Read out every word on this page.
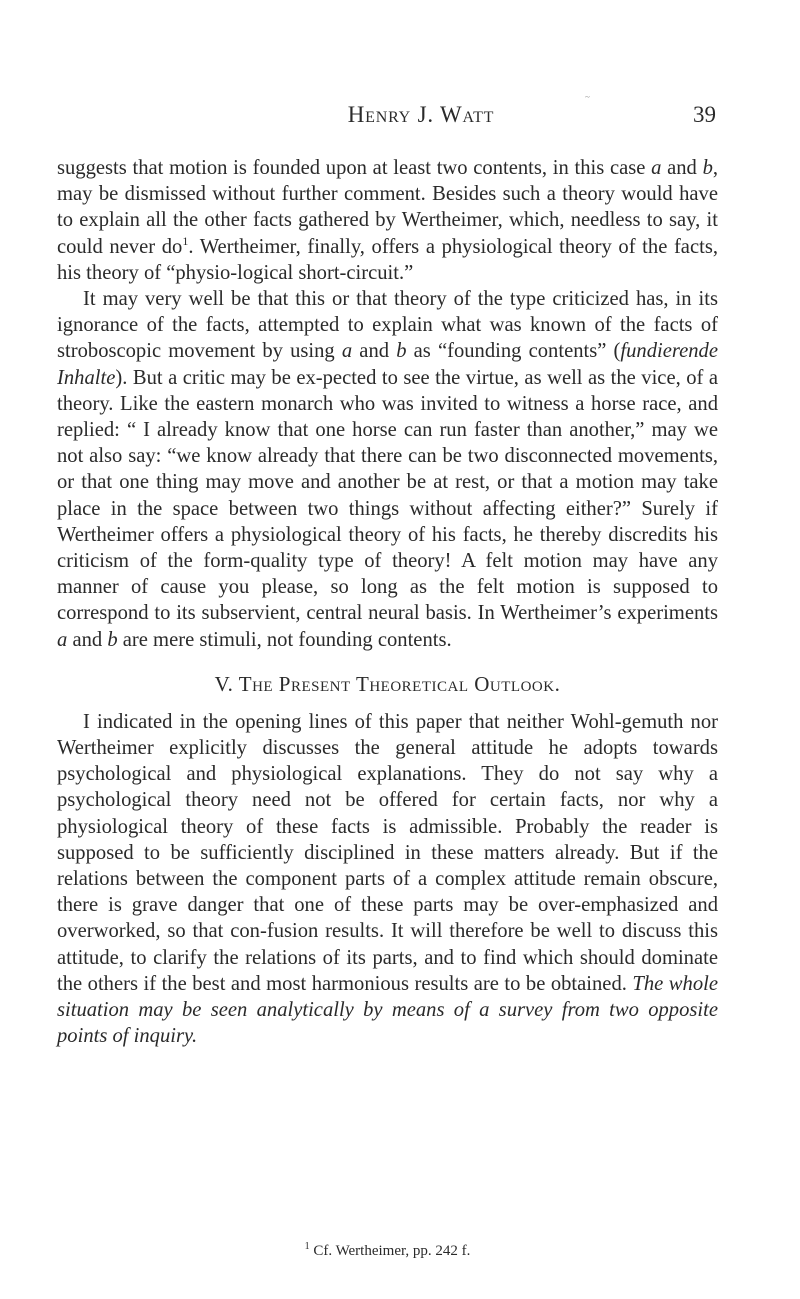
~
Henry J. Watt	39

suggests that motion is founded upon at least two contents, in this case a and b, may be dismissed without further comment. Besides such a theory would have to explain all the other facts gathered by Wertheimer, which, needless to say, it could never $do^1$. Wertheimer, finally, offers a physiological theory of the facts, his theory of “physio-logical short-circuit.”

It may very well be that this or that theory of the type criticized has, in its ignorance of the facts, attempted to explain what was known of the facts of stroboscopic movement by using a and b as “founding contents” (fundierende Inhalte). But a critic may be ex-pected to see the virtue, as well as the vice, of a theory. Like the eastern monarch who was invited to witness a horse race, and replied: “ I already know that one horse can run faster than another,” may we not also say: “we know already that there can be two disconnected movements, or that one thing may move and another be at rest, or that a motion may take place in the space between two things without affecting either?” Surely if Wertheimer offers a physiological theory of his facts, he thereby discredits his criticism of the form-quality type of theory! A felt motion may have any manner of cause you please, so long as the felt motion is supposed to correspond to its subservient, central neural basis. In Wertheimer’s experiments a and b are mere stimuli, not founding contents.

V. The Present Theoretical Outlook.

I indicated in the opening lines of this paper that neither Wohl-gemuth nor Wertheimer explicitly discusses the general attitude he adopts towards psychological and physiological explanations. They do not say why a psychological theory need not be offered for certain facts, nor why a physiological theory of these facts is admissible. Probably the reader is supposed to be sufficiently disciplined in these matters already. But if the relations between the component parts of a complex attitude remain obscure, there is grave danger that one of these parts may be over-emphasized and overworked, so that con-fusion results. It will therefore be well to discuss this attitude, to clarify the relations of its parts, and to find which should dominate the others if the best and most harmonious results are to be obtained. The whole situation may be seen analytically by means of a survey from two opposite points of inquiry.

$^1$ Cf. Wertheimer, pp. 242 f.
